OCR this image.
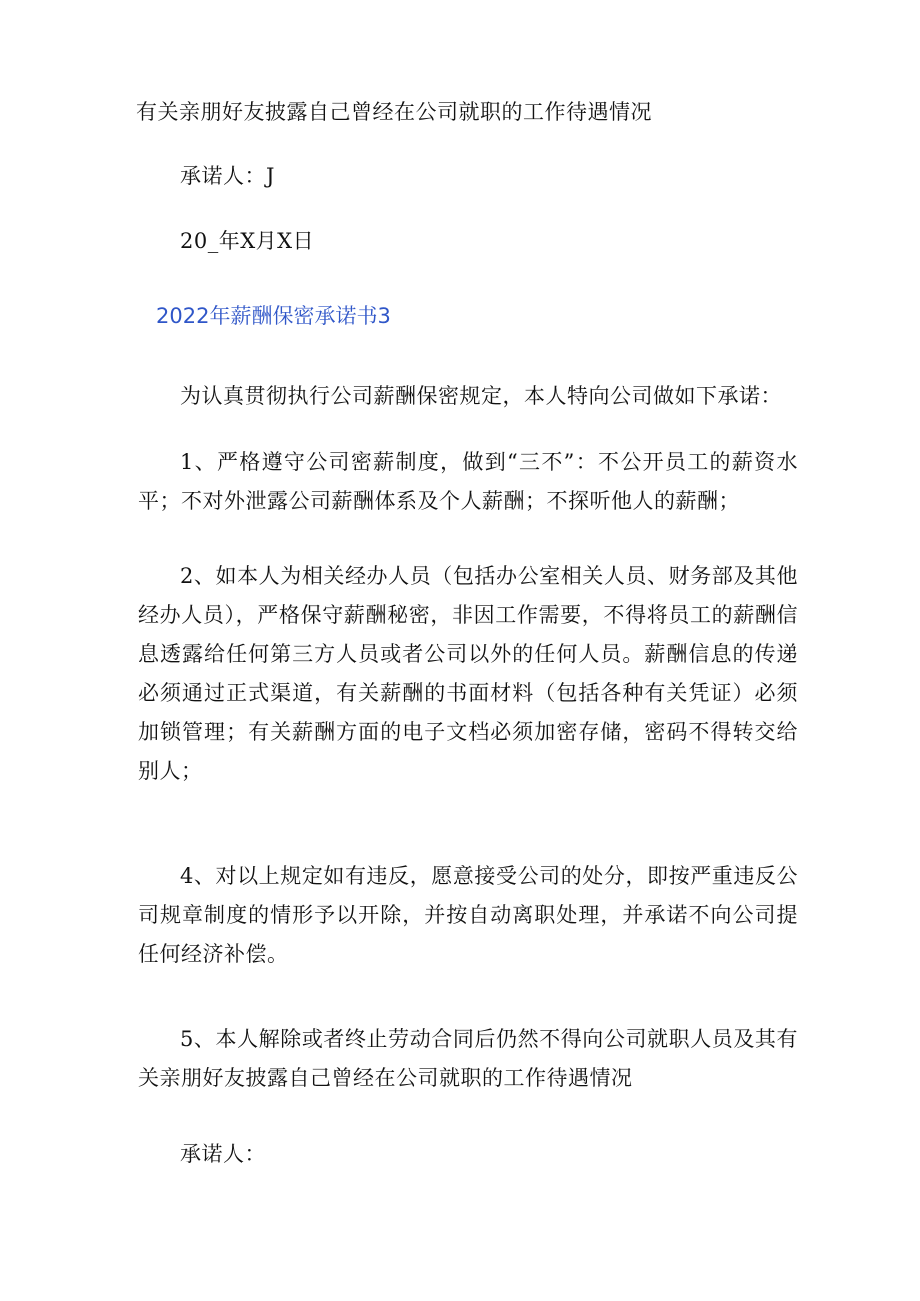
有关亲朋好友披露自己曾经在公司就职的工作待遇情况
承诺人：J
20_年X月X日
2022年薪酬保密承诺书3
为认真贯彻执行公司薪酬保密规定，本人特向公司做如下承诺：

1、严格遵守公司密薪制度，做到“三不”：不公开员工的薪资水平；不对外泄露公司薪酬体系及个人薪酬；不探听他人的薪酬；

2、如本人为相关经办人员（包括办公室相关人员、财务部及其他经办人员），严格保守薪酬秘密，非因工作需要，不得将员工的薪酬信息透露给任何第三方人员或者公司以外的任何人员。薪酬信息的传递必须通过正式渠道，有关薪酬的书面材料（包括各种有关凭证）必须加锁管理；有关薪酬方面的电子文档必须加密存储，密码不得转交给别人；

4、对以上规定如有违反，愿意接受公司的处分，即按严重违反公司规章制度的情形予以开除，并按自动离职处理，并承诺不向公司提任何经济补偿。

5、本人解除或者终止劳动合同后仍然不得向公司就职人员及其有关亲朋好友披露自己曾经在公司就职的工作待遇情况

承诺人：
